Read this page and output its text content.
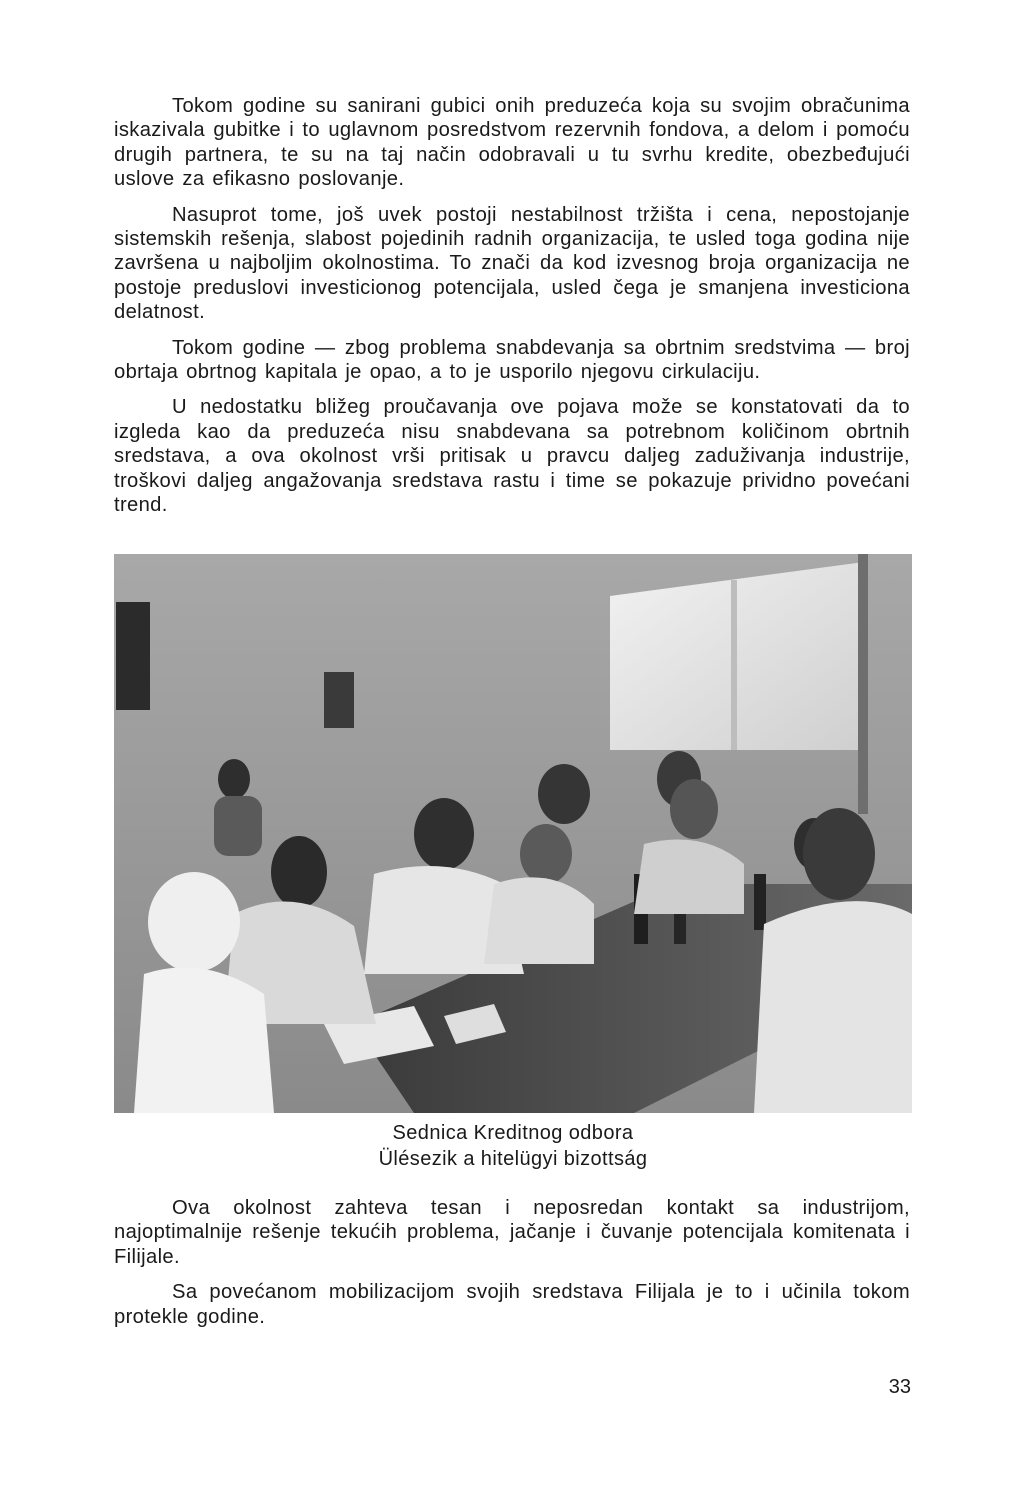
Tokom godine su sanirani gubici onih preduzeća koja su svojim obračunima iskazivala gubitke i to uglavnom posredstvom rezervnih fondova, a delom i pomoću drugih partnera, te su na taj način odobravali u tu svrhu kredite, obezbeđujući uslove za efikasno poslovanje.

Nasuprot tome, još uvek postoji nestabilnost tržišta i cena, nepostojanje sistemskih rešenja, slabost pojedinih radnih organizacija, te usled toga godina nije završena u najboljim okolnostima. To znači da kod izvesnog broja organizacija ne postoje preduslovi investicionog potencijala, usled čega je smanjena investiciona delatnost.

Tokom godine — zbog problema snabdevanja sa obrtnim sredstvima — broj obrtaja obrtnog kapitala je opao, a to je usporilo njegovu cirkulaciju.

U nedostatku bližeg proučavanja ove pojava može se konstatovati da to izgleda kao da preduzeća nisu snabdevana sa potrebnom količinom obrtnih sredstava, a ova okolnost vrši pritisak u pravcu daljeg zaduživanja industrije, troškovi daljeg angažovanja sredstava rastu i time se pokazuje prividno povećani trend.

Sednica Kreditnog odbora
Ülésezik a hitelügyi bizottság

Ova okolnost zahteva tesan i neposredan kontakt sa industrijom, najoptimalnije rešenje tekućih problema, jačanje i čuvanje potencijala komitenata i Filijale.

Sa povećanom mobilizacijom svojih sredstava Filijala je to i učinila tokom protekle godine.

33
